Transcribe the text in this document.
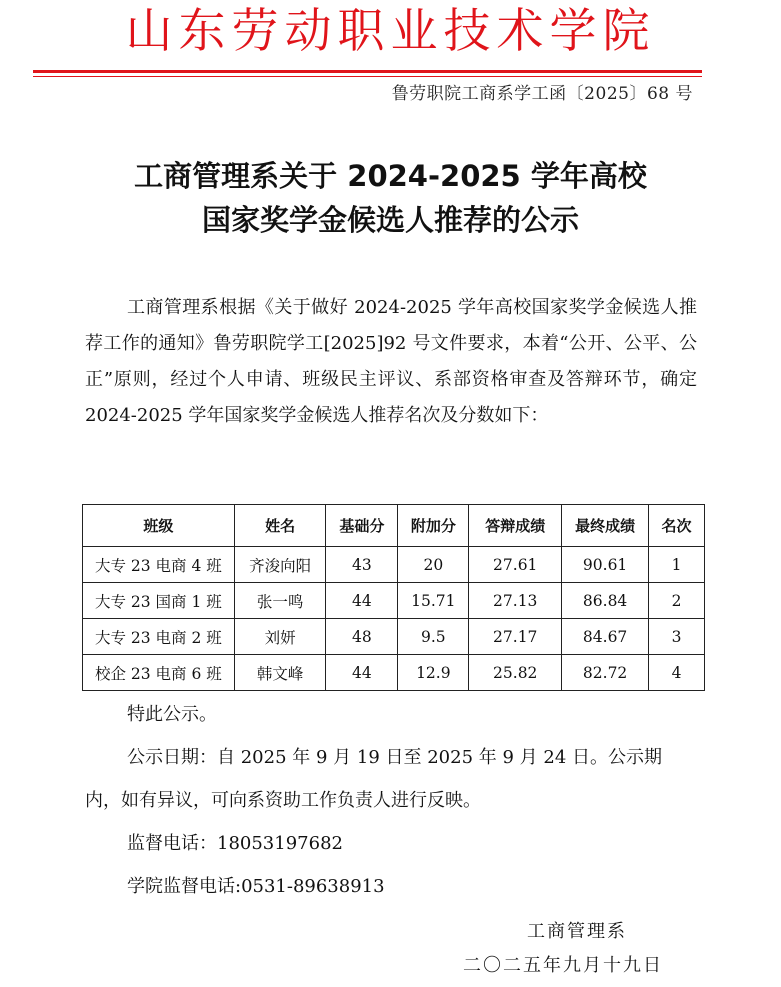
山东劳动职业技术学院
鲁劳职院工商系学工函〔2025〕68 号
工商管理系关于 2024-2025 学年高校
国家奖学金候选人推荐的公示
工商管理系根据《关于做好 2024-2025 学年高校国家奖学金候选人推荐工作的通知》鲁劳职院学工[2025]92 号文件要求，本着“公开、公平、公正”原则，经过个人申请、班级民主评议、系部资格审查及答辩环节，确定 2024-2025 学年国家奖学金候选人推荐名次及分数如下：
班级	姓名	基础分	附加分	答辩成绩	最终成绩	名次
大专 23 电商 4 班	齐浚向阳	43	20	27.61	90.61	1
大专 23 国商 1 班	张一鸣	44	15.71	27.13	86.84	2
大专 23 电商 2 班	刘妍	48	9.5	27.17	84.67	3
校企 23 电商 6 班	韩文峰	44	12.9	25.82	82.72	4
特此公示。
公示日期：自 2025 年 9 月 19 日至 2025 年 9 月 24 日。公示期
内，如有异议，可向系资助工作负责人进行反映。
监督电话：18053197682
学院监督电话:0531-89638913
工商管理系
二〇二五年九月十九日
